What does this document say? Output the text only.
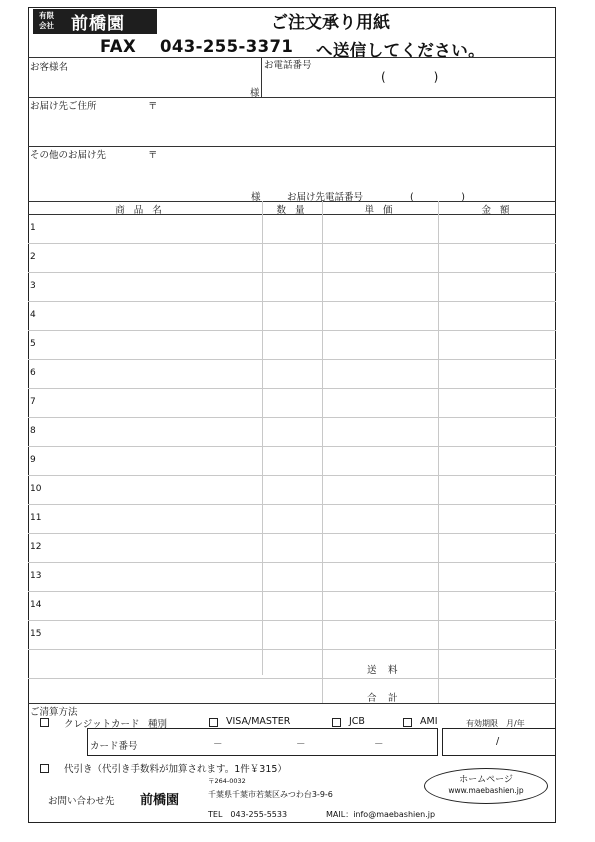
有限
会社 前橋園	ご注文承り用紙
FAX 043-255-3371 へ送信してください。
お客様名
様
お電話番号
(　　　　)
お届け先ご住所	〒
その他のお届け先	〒
様	お届け先電話番号	(　　　　　)
商 品 名	数 量	単 価	金 額
1
2
3
4
5
6
7
8
9
10
11
12
13
14
15
送　料
合　計
ご清算方法
クレジットカード 種別	VISA/MASTER	JCB	AMI	有効期限　月/年
カード番号	－	－	－	/
代引き（代引き手数料が加算されます。1件￥315）
お問い合わせ先 前橋園
〒264-0032
千葉県千葉市若葉区みつわ台3-9-6
TEL　043-255-5533	MAIL：info@maebashien.jp
ホームページ
www.maebashien.jp
